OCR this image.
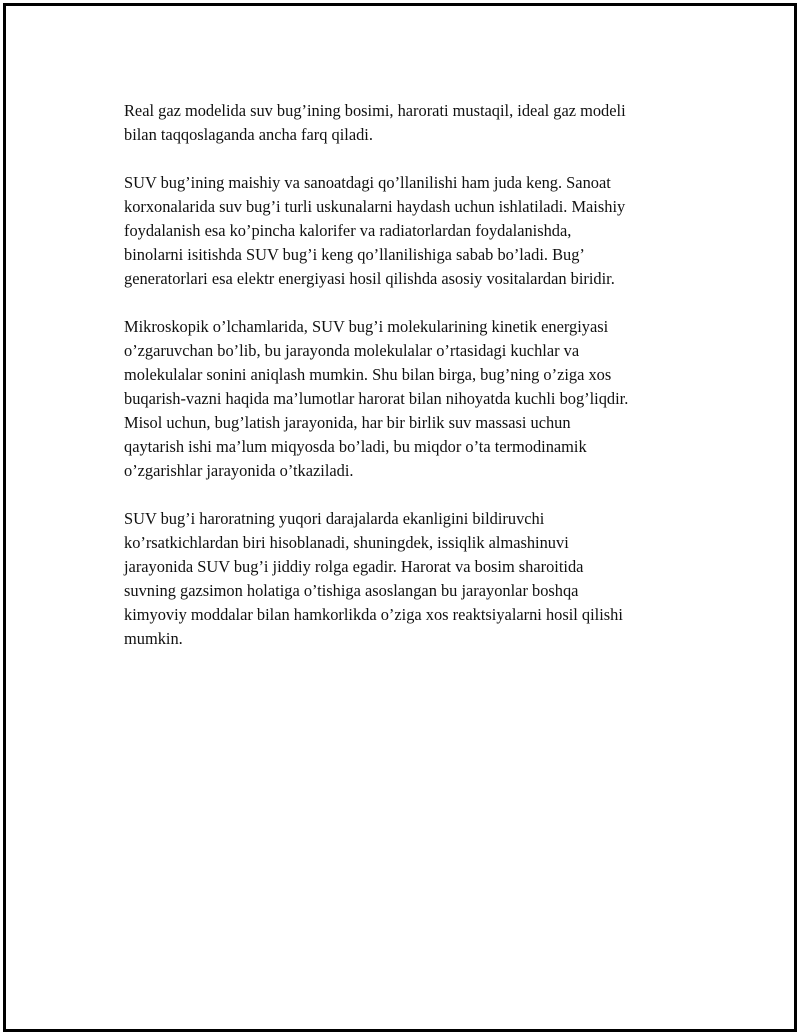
Real gaz modelida suv bug’ining bosimi, harorati mustaqil, ideal gaz modeli
bilan taqqoslaganda ancha farq qiladi.

SUV bug’ining maishiy va sanoatdagi qo’llanilishi ham juda keng. Sanoat
korxonalarida suv bug’i turli uskunalarni haydash uchun ishlatiladi. Maishiy
foydalanish esa ko’pincha kalorifer va radiatorlardan foydalanishda,
binolarni isitishda SUV bug’i keng qo’llanilishiga sabab bo’ladi. Bug’
generatorlari esa elektr energiyasi hosil qilishda asosiy vositalardan biridir.

Mikroskopik o’lchamlarida, SUV bug’i molekularining kinetik energiyasi
o’zgaruvchan bo’lib, bu jarayonda molekulalar o’rtasidagi kuchlar va
molekulalar sonini aniqlash mumkin. Shu bilan birga, bug’ning o’ziga xos
buqarish-vazni haqida ma’lumotlar harorat bilan nihoyatda kuchli bog’liqdir.
Misol uchun, bug’latish jarayonida, har bir birlik suv massasi uchun
qaytarish ishi ma’lum miqyosda bo’ladi, bu miqdor o’ta termodinamik
o’zgarishlar jarayonida o’tkaziladi.

SUV bug’i haroratning yuqori darajalarda ekanligini bildiruvchi
ko’rsatkichlardan biri hisoblanadi, shuningdek, issiqlik almashinuvi
jarayonida SUV bug’i jiddiy rolga egadir. Harorat va bosim sharoitida
suvning gazsimon holatiga o’tishiga asoslangan bu jarayonlar boshqa
kimyoviy moddalar bilan hamkorlikda o’ziga xos reaktsiyalarni hosil qilishi
mumkin.
